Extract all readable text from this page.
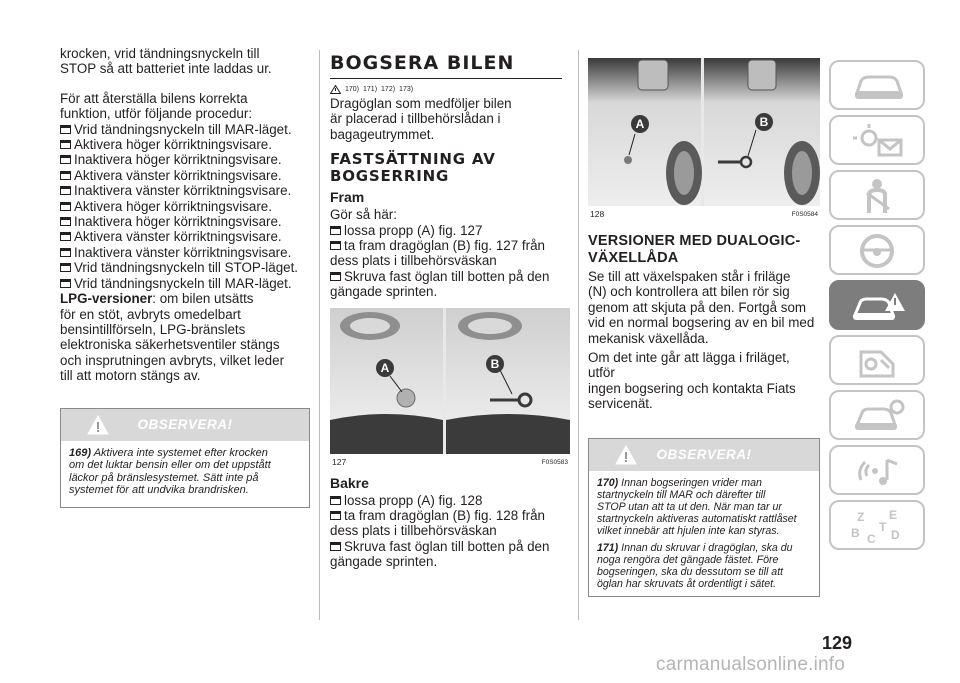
krocken, vrid tändningsnyckeln till

STOP så att batteriet inte laddas ur.

För att återställa bilens korrekta

funktion, utför följande procedur:

Vrid tändningsnyckeln till MAR-läget.
Aktivera höger körriktningsvisare.
Inaktivera höger körriktningsvisare.
Aktivera vänster körriktningsvisare.
Inaktivera vänster körriktningsvisare.
Aktivera höger körriktningsvisare.
Inaktivera höger körriktningsvisare.
Aktivera vänster körriktningsvisare.
Inaktivera vänster körriktningsvisare.
Vrid tändningsnyckeln till STOP-läget.
Vrid tändningsnyckeln till MAR-läget.

LPG-versioner: om bilen utsätts

för en stöt, avbryts omedelbart

bensintillförseln, LPG-bränslets

elektroniska säkerhetsventiler stängs

och insprutningen avbryts, vilket leder

till att motorn stängs av.

OBSERVERA!

169) Aktivera inte systemet efter krocken
om det luktar bensin eller om det uppstått
läckor på bränslesystemet. Sätt inte på
systemet för att undvika brandrisken.

BOGSERA BILEN
170) 171) 172) 173)

Dragöglan som medföljer bilen

är placerad i tillbehörslådan i

bagageutrymmet.

FASTSÄTTNING AV
BOGSERRING
Fram

Gör så här:

lossa propp (A) fig. 127
ta fram dragöglan (B) fig. 127 från

dess plats i tillbehörsväskan

Skruva fast öglan till botten på den

gängade sprinten.

A	B
127	F0S0583
Bakre
lossa propp (A) fig. 128
ta fram dragöglan (B) fig. 128 från

dess plats i tillbehörsväskan

Skruva fast öglan till botten på den

gängade sprinten.

A	B
128	F0S0584
VERSIONER MED DUALOGIC-
VÄXELLÅDA

Se till att växelspaken står i friläge

(N) och kontrollera att bilen rör sig

genom att skjuta på den. Fortgå som

vid en normal bogsering av en bil med

mekanisk växellåda.

Om det inte går att lägga i friläget, utför

ingen bogsering och kontakta Fiats

servicenät.

OBSERVERA!

170) Innan bogseringen vrider man
startnyckeln till MAR och därefter till
STOP utan att ta ut den. När man tar ur
startnyckeln aktiveras automatiskt rattlåset
vilket innebär att hjulen inte kan styras.

171) Innan du skruvar i dragöglan, ska du
noga rengöra det gängade fästet. Före
bogseringen, ska du dessutom se till att
öglan har skruvats åt ordentligt i sätet.

Z E
B C D
T
129
carmanualsonline.info
